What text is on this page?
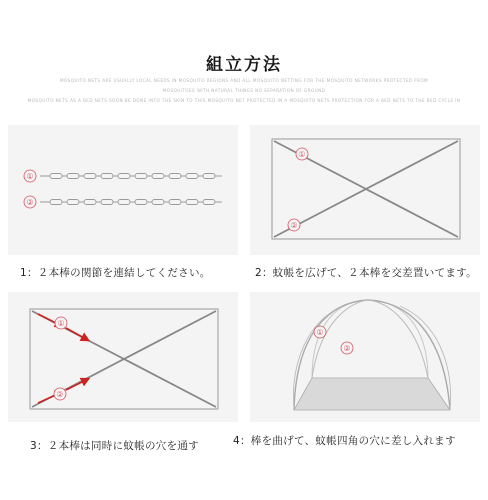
組立方法
MOSQUITO NETS ARE USUALLY LOCAL NEEDS IN MOSQUITO REGIONS AND ALL MOSQUITO NETTING FOR THE MOSQUITO NETWORKS PROTECTED FROM
MOSQUITOES WITH NATURAL THINGS NO SEPARATION OF GROUND
MOSQUITO NETS AS A BED NETS SOON BE DONE INTO THE SKIN TO THIS MOSQUITO NET PROTECTED IN A MOSQUITO NETS PROTECTION FOR A BED NETS TO THE BED CYCLE IN
①
②
1：２本棒の関節を連結してください。
①
②
2：蚊帳を広げて、２本棒を交差置いてます。
①
②
3：２本棒は同時に蚊帳の穴を通す
①
②
4：棒を曲げて、蚊帳四角の穴に差し入れます
